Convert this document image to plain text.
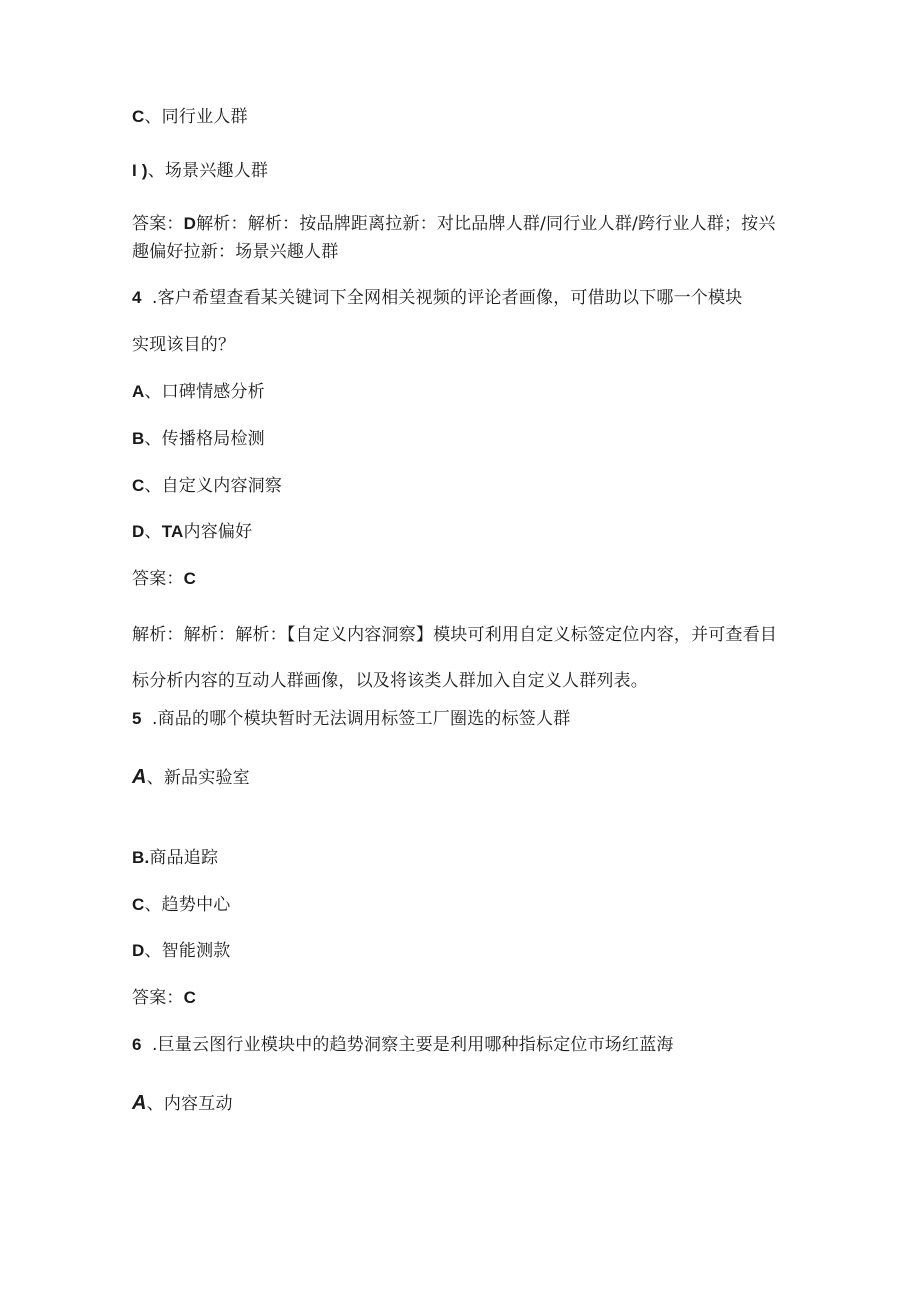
C、同行业人群
I )、场景兴趣人群
答案：D解析：解析：按品牌距离拉新：对比品牌人群/同行业人群/跨行业人群；按兴趣偏好拉新：场景兴趣人群
4 .客户希望查看某关键词下全网相关视频的评论者画像，可借助以下哪一个模块
实现该目的？
A、口碑情感分析
B、传播格局检测
C、自定义内容洞察
D、TA内容偏好
答案：C
解析：解析：解析：【自定义内容洞察】模块可利用自定义标签定位内容，并可查看目标分析内容的互动人群画像，以及将该类人群加入自定义人群列表。
5 .商品的哪个模块暂时无法调用标签工厂圈选的标签人群
A、新品实验室
B.商品追踪
C、趋势中心
D、智能测款
答案：C
6 .巨量云图行业模块中的趋势洞察主要是利用哪种指标定位市场红蓝海
A、内容互动
